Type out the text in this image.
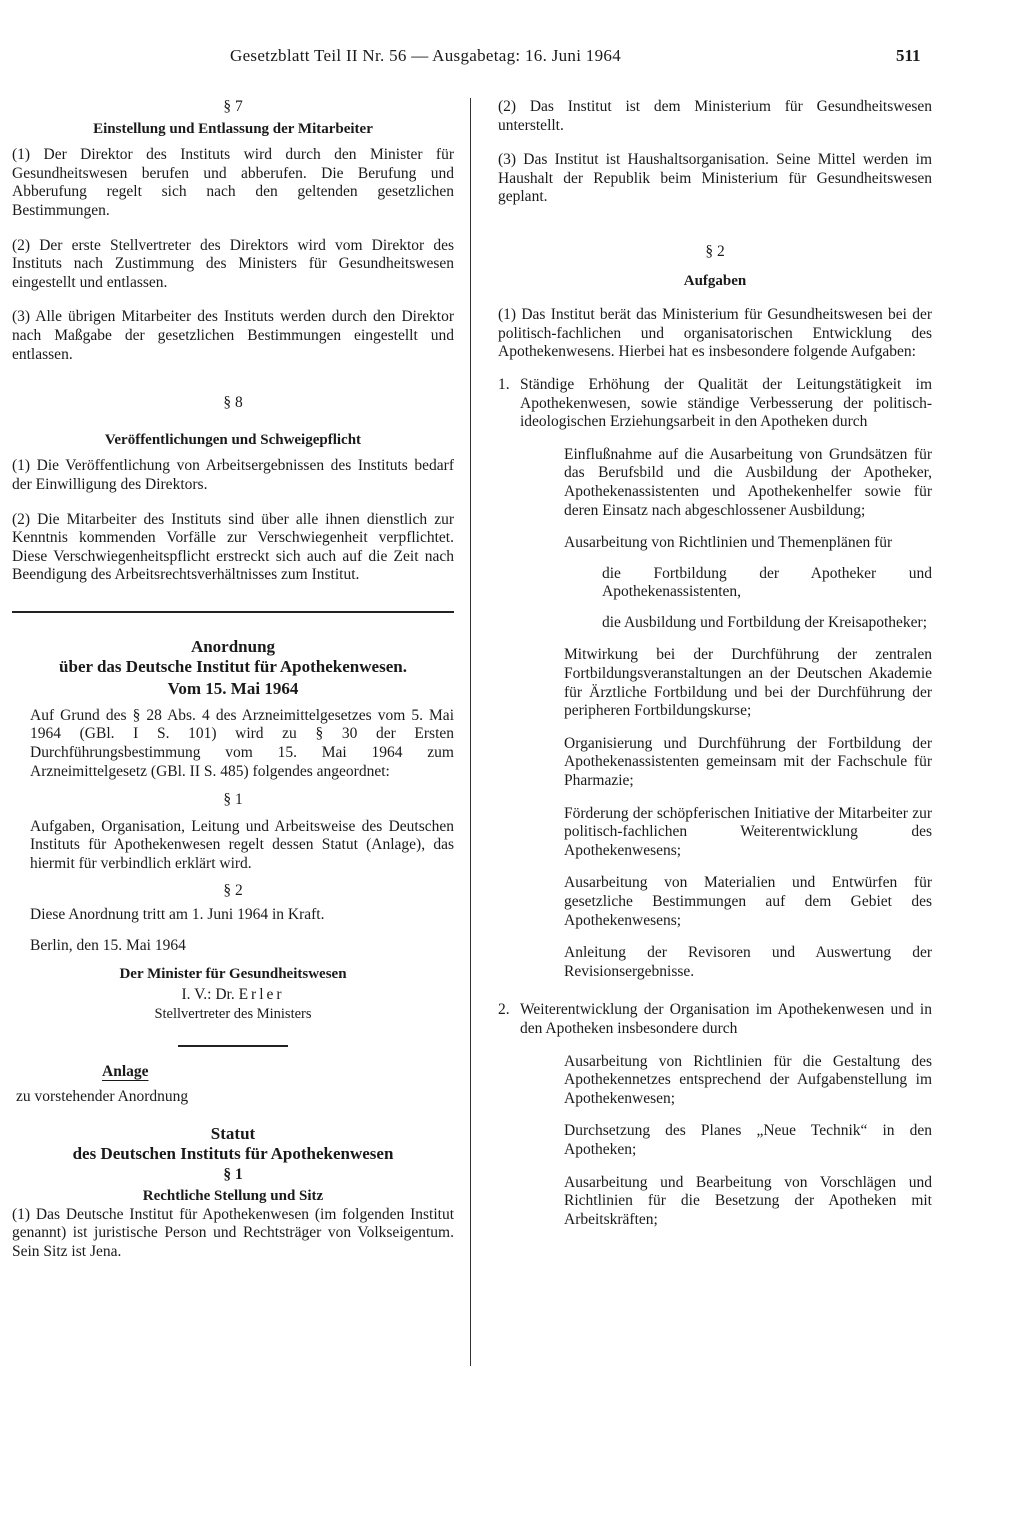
Gesetzblatt Teil II Nr. 56 — Ausgabetag: 16. Juni 1964	511

§ 7

Einstellung und Entlassung der Mitarbeiter

(1) Der Direktor des Instituts wird durch den Minister für Gesundheitswesen berufen und abberufen. Die Berufung und Abberufung regelt sich nach den geltenden gesetzlichen Bestimmungen.

(2) Der erste Stellvertreter des Direktors wird vom Direktor des Instituts nach Zustimmung des Ministers für Gesundheitswesen eingestellt und entlassen.

(3) Alle übrigen Mitarbeiter des Instituts werden durch den Direktor nach Maßgabe der gesetzlichen Bestimmungen eingestellt und entlassen.

§ 8

Veröffentlichungen und Schweigepflicht

(1) Die Veröffentlichung von Arbeitsergebnissen des Instituts bedarf der Einwilligung des Direktors.

(2) Die Mitarbeiter des Instituts sind über alle ihnen dienstlich zur Kenntnis kommenden Vorfälle zur Verschwiegenheit verpflichtet. Diese Verschwiegenheitspflicht erstreckt sich auch auf die Zeit nach Beendigung des Arbeitsrechtsverhältnisses zum Institut.

Anordnung

über das Deutsche Institut für Apothekenwesen.

Vom 15. Mai 1964

Auf Grund des § 28 Abs. 4 des Arzneimittelgesetzes vom 5. Mai 1964 (GBl. I S. 101) wird zu § 30 der Ersten Durchführungsbestimmung vom 15. Mai 1964 zum Arzneimittelgesetz (GBl. II S. 485) folgendes angeordnet:

§ 1

Aufgaben, Organisation, Leitung und Arbeitsweise des Deutschen Instituts für Apothekenwesen regelt dessen Statut (Anlage), das hiermit für verbindlich erklärt wird.

§ 2

Diese Anordnung tritt am 1. Juni 1964 in Kraft.

Berlin, den 15. Mai 1964

Der Minister für Gesundheitswesen

I. V.: Dr. Erler

Stellvertreter des Ministers

Anlage

zu vorstehender Anordnung

Statut

des Deutschen Instituts für Apothekenwesen

§ 1

Rechtliche Stellung und Sitz

(1) Das Deutsche Institut für Apothekenwesen (im folgenden Institut genannt) ist juristische Person und Rechtsträger von Volkseigentum. Sein Sitz ist Jena.

(2) Das Institut ist dem Ministerium für Gesundheitswesen unterstellt.

(3) Das Institut ist Haushaltsorganisation. Seine Mittel werden im Haushalt der Republik beim Ministerium für Gesundheitswesen geplant.

§ 2

Aufgaben

(1) Das Institut berät das Ministerium für Gesundheitswesen bei der politisch-fachlichen und organisatorischen Entwicklung des Apothekenwesens. Hierbei hat es insbesondere folgende Aufgaben:

1. Ständige Erhöhung der Qualität der Leitungstätigkeit im Apothekenwesen, sowie ständige Verbesserung der politisch-ideologischen Erziehungsarbeit in den Apotheken durch

Einflußnahme auf die Ausarbeitung von Grundsätzen für das Berufsbild und die Ausbildung der Apotheker, Apothekenassistenten und Apothekenhelfer sowie für deren Einsatz nach abgeschlossener Ausbildung;

Ausarbeitung von Richtlinien und Themenplänen für

die Fortbildung der Apotheker und Apothekenassistenten,

die Ausbildung und Fortbildung der Kreisapotheker;

Mitwirkung bei der Durchführung der zentralen Fortbildungsveranstaltungen an der Deutschen Akademie für Ärztliche Fortbildung und bei der Durchführung der peripheren Fortbildungskurse;

Organisierung und Durchführung der Fortbildung der Apothekenassistenten gemeinsam mit der Fachschule für Pharmazie;

Förderung der schöpferischen Initiative der Mitarbeiter zur politisch-fachlichen Weiterentwicklung des Apothekenwesens;

Ausarbeitung von Materialien und Entwürfen für gesetzliche Bestimmungen auf dem Gebiet des Apothekenwesens;

Anleitung der Revisoren und Auswertung der Revisionsergebnisse.

2. Weiterentwicklung der Organisation im Apothekenwesen und in den Apotheken insbesondere durch

Ausarbeitung von Richtlinien für die Gestaltung des Apothekennetzes entsprechend der Aufgabenstellung im Apothekenwesen;

Durchsetzung des Planes „Neue Technik“ in den Apotheken;

Ausarbeitung und Bearbeitung von Vorschlägen und Richtlinien für die Besetzung der Apotheken mit Arbeitskräften;
